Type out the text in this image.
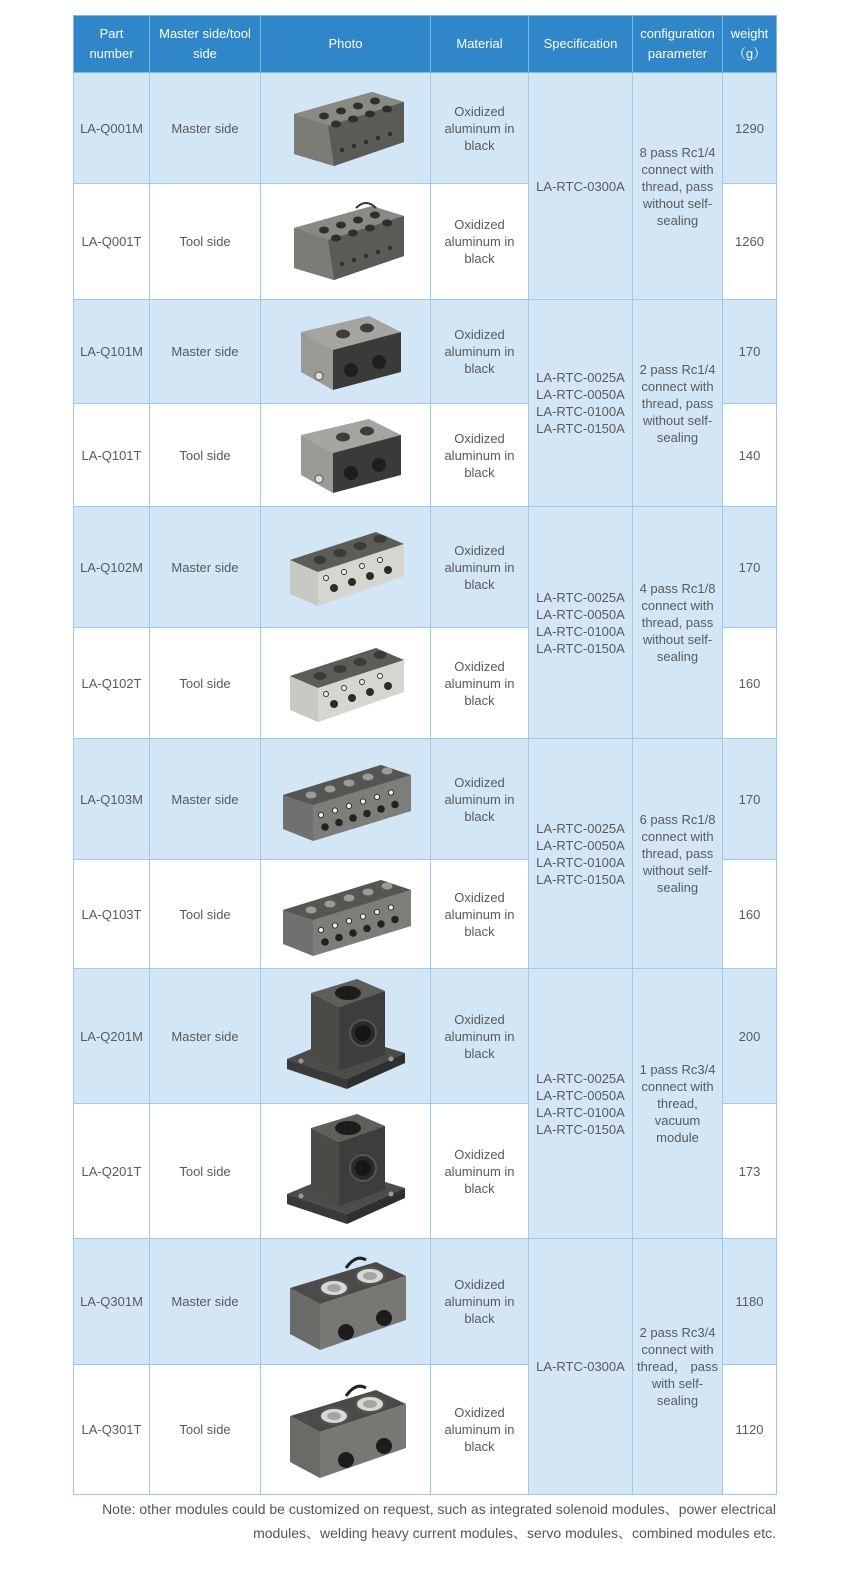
Part number	Master side/tool side	Photo	Material	Specification	configuration parameter	weight（g）
LA-Q001M	Master side		Oxidized aluminum in black	LA-RTC-0300A	8 pass Rc1/4 connect with thread, pass without self-sealing	1290
LA-Q001T	Tool side		Oxidized aluminum in black			1260
LA-Q101M	Master side		Oxidized aluminum in black	LA-RTC-0025A LA-RTC-0050A LA-RTC-0100A LA-RTC-0150A	2 pass Rc1/4 connect with thread, pass without self-sealing	170
LA-Q101T	Tool side		Oxidized aluminum in black			140
LA-Q102M	Master side		Oxidized aluminum in black	LA-RTC-0025A LA-RTC-0050A LA-RTC-0100A LA-RTC-0150A	4 pass Rc1/8 connect with thread, pass without self-sealing	170
LA-Q102T	Tool side		Oxidized aluminum in black			160
LA-Q103M	Master side		Oxidized aluminum in black	LA-RTC-0025A LA-RTC-0050A LA-RTC-0100A LA-RTC-0150A	6 pass Rc1/8 connect with thread, pass without self-sealing	170
LA-Q103T	Tool side		Oxidized aluminum in black			160
LA-Q201M	Master side		Oxidized aluminum in black	LA-RTC-0025A LA-RTC-0050A LA-RTC-0100A LA-RTC-0150A	1 pass Rc3/4 connect with thread, vacuum module	200
LA-Q201T	Tool side		Oxidized aluminum in black			173
LA-Q301M	Master side		Oxidized aluminum in black	LA-RTC-0300A	2 pass Rc3/4 connect with thread， pass with self-sealing	1180
LA-Q301T	Tool side		Oxidized aluminum in black			1120
Note: other modules could be customized on request, such as integrated solenoid modules、power electrical modules、welding heavy current modules、servo modules、combined modules etc.
